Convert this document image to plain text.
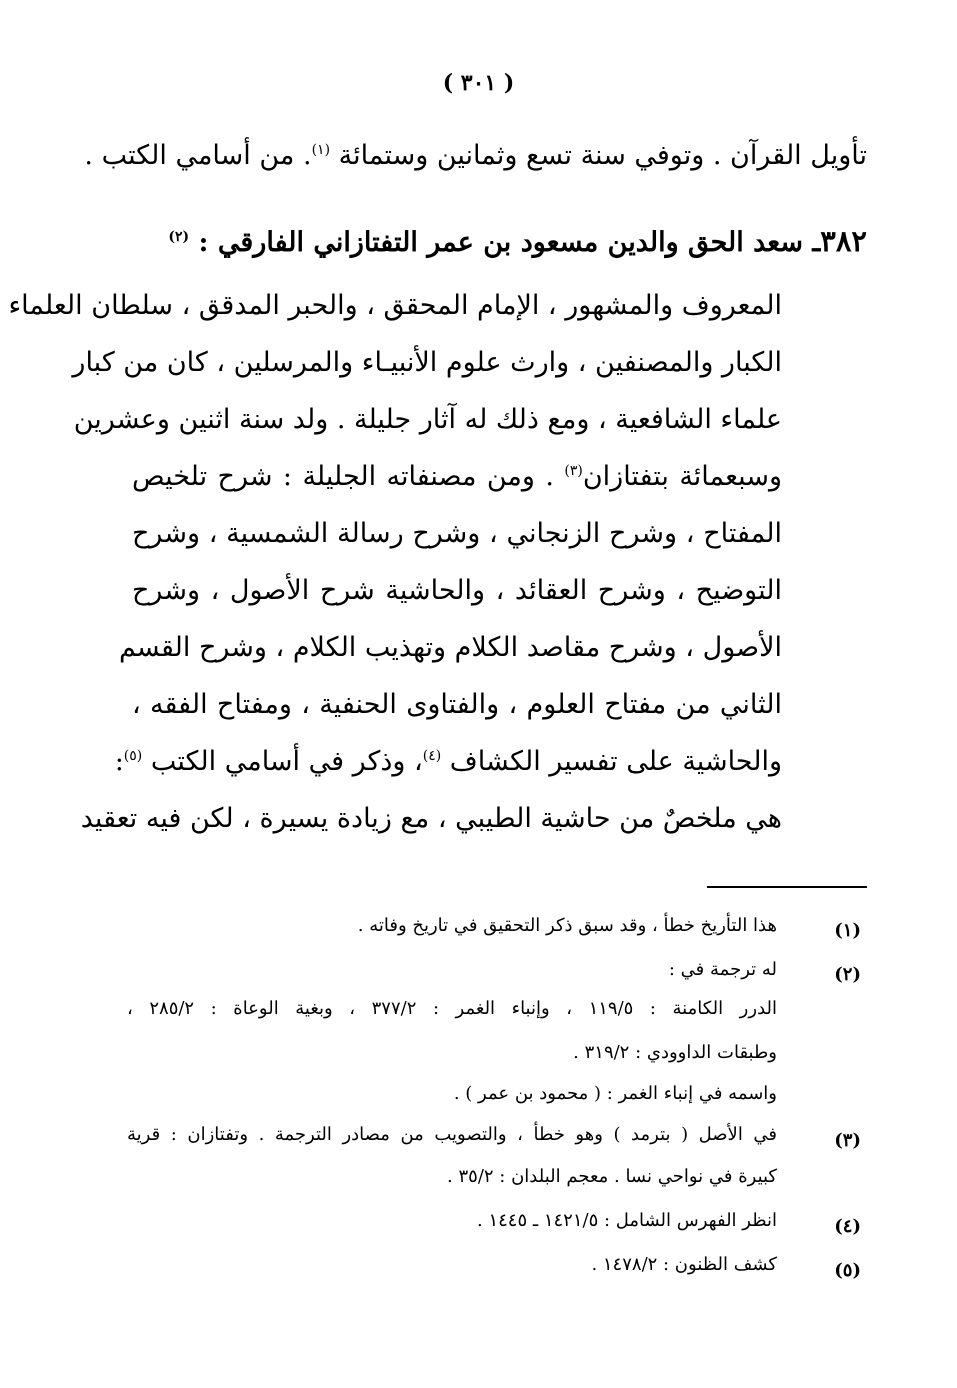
( ٣٠١ )
تأويل القرآن . وتوفي سنة تسع وثمانين وستمائة $^{(١)}$. من أسامي الكتب .
٣٨٢ـ سعد الحق والدين مسعود بن عمر التفتازاني الفارقي : $^{(٢)}$
المعروف والمشهور ، الإمام المحقق ، والحبر المدقق ، سلطان العلماء
الكبار والمصنفين ، وارث علوم الأنبيـاء والمرسلين ، كان من كبار
علماء الشافعية ، ومع ذلك له آثار جليلة . ولد سنة اثنين وعشرين
وسبعمائة بتفتازان$^{(٣)}$ . ومن مصنفاته الجليلة : شرح تلخيص
المفتاح ، وشرح الزنجاني ، وشرح رسالة الشمسية ، وشرح
التوضيح ، وشرح العقائد ، والحاشية شرح الأصول ، وشرح
الأصول ، وشرح مقاصد الكلام وتهذيب الكلام ، وشرح القسم
الثاني من مفتاح العلوم ، والفتاوى الحنفية ، ومفتاح الفقه ،
والحاشية على تفسير الكشاف $^{(٤)}$، وذكر في أسامي الكتب $^{(٥)}$:
هي ملخصٌ من حاشية الطيبي ، مع زيادة يسيرة ، لكن فيه تعقيد
(١)
هذا التأريخ خطأ ، وقد سبق ذكر التحقيق في تاريخ وفاته .
(٢)
له ترجمة في :
الدرر الكامنة : ١١٩/٥ ، وإنباء الغمر : ٣٧٧/٢ ، وبغية الوعاة : ٢٨٥/٢ ،
وطبقات الداوودي : ٣١٩/٢ .
واسمه في إنباء الغمر : ( محمود بن عمر ) .
(٣)
في الأصل ( بترمد ) وهو خطأ ، والتصويب من مصادر الترجمة . وتفتازان : قرية
كبيرة في نواحي نسا . معجم البلدان : ٣٥/٢ .
(٤)
انظر الفهرس الشامل : ١٤٢١/٥ ـ ١٤٤٥ .
(٥)
كشف الظنون : ١٤٧٨/٢ .
